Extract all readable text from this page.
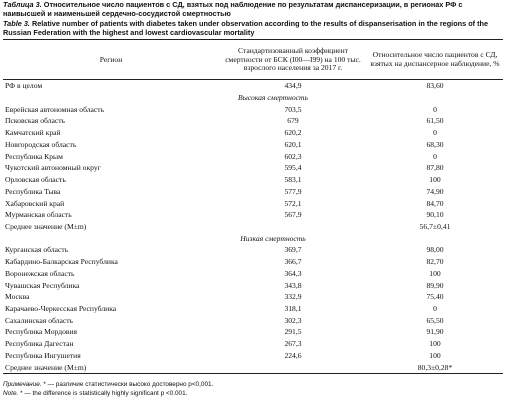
Таблица 3. Относительное число пациентов с СД, взятых под наблюдение по результатам диспансеризации, в регионах РФ с наивысшей и наименьшей сердечно-сосудистой смертностью
Table 3. Relative number of patients with diabetes taken under observation according to the results of dispanserisation in the regions of the Russian Federation with the highest and lowest cardiovascular mortality
Регион	Стандартизованный коэффициент смертности от БСК (I00—I99) на 100 тыс. взрослого населения за 2017 г.	Относительное число пациентов с СД, взятых на диспансерное наблюдение, %
РФ в целом	434,9	83,60
Высокая смертность		
Еврейская автономная область	703,5	0
Псковская область	679	61,50
Камчатский край	620,2	0
Новгородская область	620,1	68,30
Республика Крым	602,3	0
Чукотский автономный округ	595,4	87,80
Орловская область	583,1	100
Республика Тыва	577,9	74,90
Хабаровский край	572,1	84,70
Мурманская область	567,9	90,10
Среднее значение (M±m)		56,7±0,41
Низкая смертность		
Курганская область	369,7	98,00
Кабардино-Балкарская Республика	366,7	82,70
Воронежская область	364,3	100
Чувашская Республика	343,8	89,90
Москва	332,9	75,40
Карачаево-Черкесская Республика	318,1	0
Сахалинская область	302,3	65,50
Республика Мордовия	291,5	91,90
Республика Дагестан	267,3	100
Республика Ингушетия	224,6	100
Среднее значение (M±m)		80,3±0,28*
Примечание. * — различие статистически высоко достоверно p<0,001.
Note. * — the difference is statistically highly significant p <0.001.
